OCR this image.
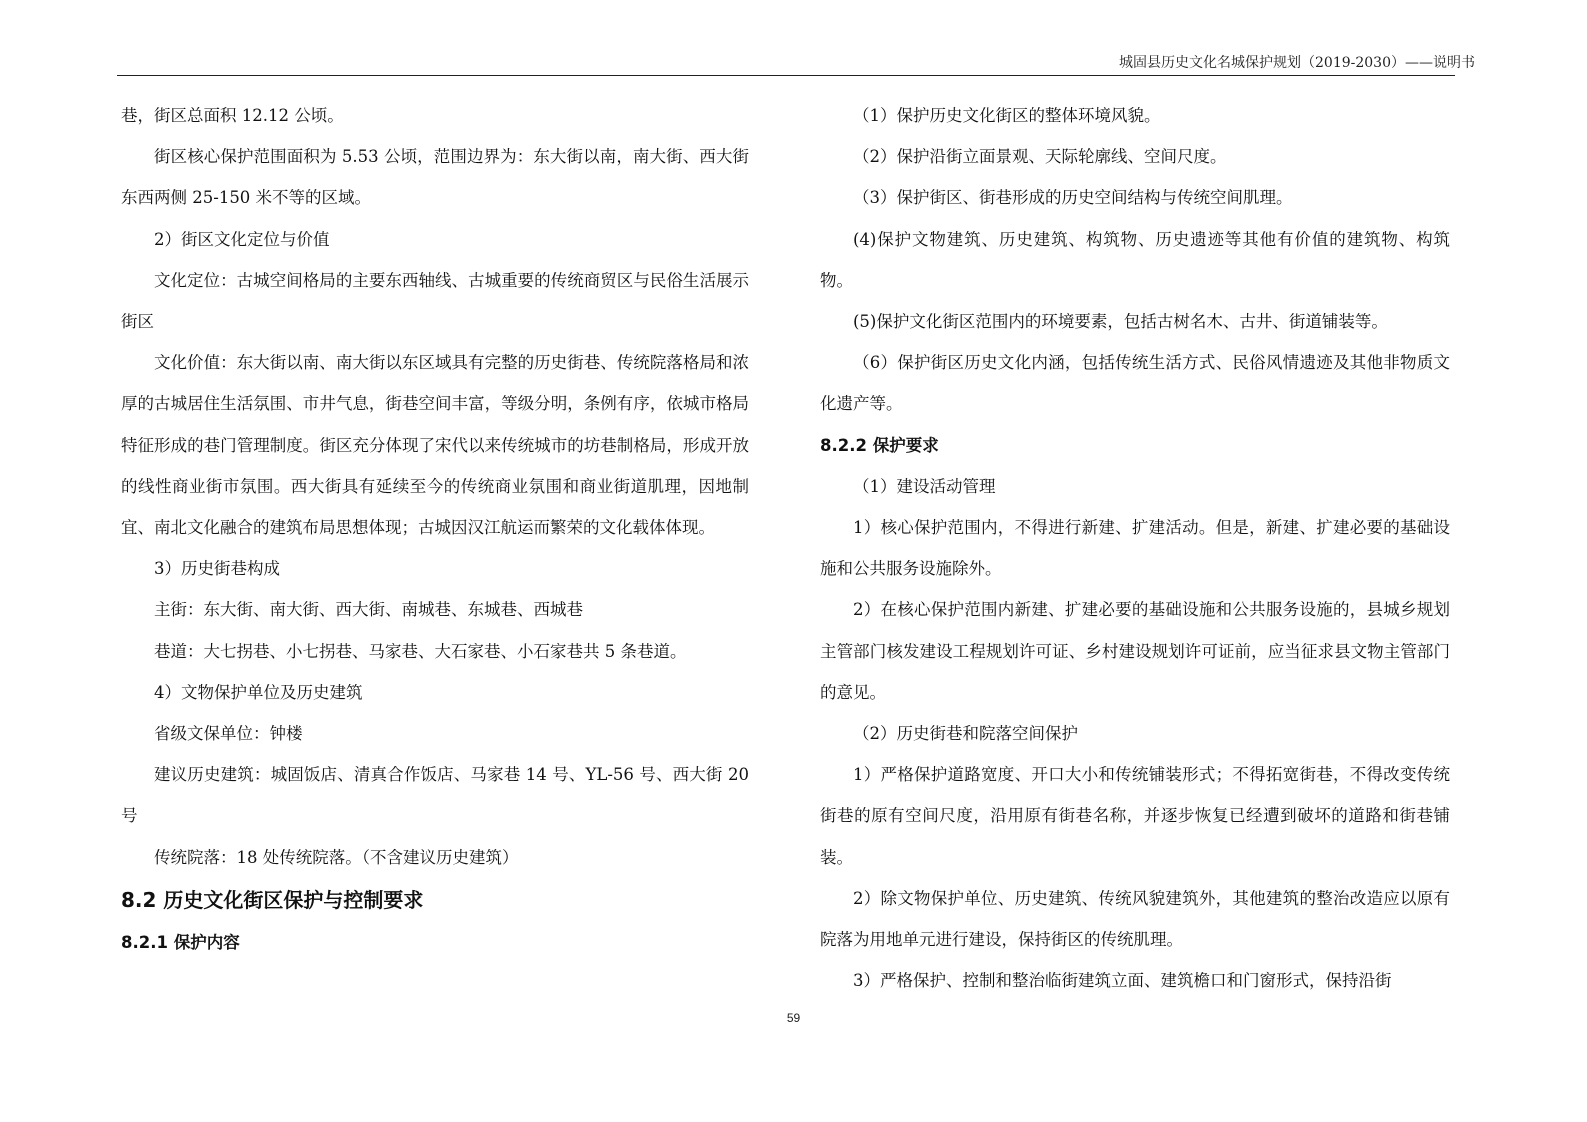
城固县历史文化名城保护规划（2019-2030）——说明书

巷，街区总面积 12.12 公顷。

街区核心保护范围面积为 5.53 公顷，范围边界为：东大街以南，南大街、西大街东西两侧 25-150 米不等的区域。

2）街区文化定位与价值

文化定位：古城空间格局的主要东西轴线、古城重要的传统商贸区与民俗生活展示街区

文化价值：东大街以南、南大街以东区域具有完整的历史街巷、传统院落格局和浓厚的古城居住生活氛围、市井气息，街巷空间丰富，等级分明，条例有序，依城市格局特征形成的巷门管理制度。街区充分体现了宋代以来传统城市的坊巷制格局，形成开放的线性商业街市氛围。西大街具有延续至今的传统商业氛围和商业街道肌理，因地制宜、南北文化融合的建筑布局思想体现；古城因汉江航运而繁荣的文化载体体现。

3）历史街巷构成

主街：东大街、南大街、西大街、南城巷、东城巷、西城巷

巷道：大七拐巷、小七拐巷、马家巷、大石家巷、小石家巷共 5 条巷道。

4）文物保护单位及历史建筑

省级文保单位：钟楼

建议历史建筑：城固饭店、清真合作饭店、马家巷 14 号、YL-56 号、西大街 20 号

传统院落：18 处传统院落。（不含建议历史建筑）

8.2 历史文化街区保护与控制要求

8.2.1 保护内容

（1）保护历史文化街区的整体环境风貌。

（2）保护沿街立面景观、天际轮廓线、空间尺度。

（3）保护街区、街巷形成的历史空间结构与传统空间肌理。

(4)保护文物建筑、历史建筑、构筑物、历史遗迹等其他有价值的建筑物、构筑物。

(5)保护文化街区范围内的环境要素，包括古树名木、古井、街道铺装等。

（6）保护街区历史文化内涵，包括传统生活方式、民俗风情遗迹及其他非物质文化遗产等。

8.2.2 保护要求

（1）建设活动管理

1）核心保护范围内，不得进行新建、扩建活动。但是，新建、扩建必要的基础设施和公共服务设施除外。

2）在核心保护范围内新建、扩建必要的基础设施和公共服务设施的，县城乡规划主管部门核发建设工程规划许可证、乡村建设规划许可证前，应当征求县文物主管部门的意见。

（2）历史街巷和院落空间保护

1）严格保护道路宽度、开口大小和传统铺装形式；不得拓宽街巷，不得改变传统街巷的原有空间尺度，沿用原有街巷名称，并逐步恢复已经遭到破坏的道路和街巷铺装。

2）除文物保护单位、历史建筑、传统风貌建筑外，其他建筑的整治改造应以原有院落为用地单元进行建设，保持街区的传统肌理。

3）严格保护、控制和整治临街建筑立面、建筑檐口和门窗形式，保持沿街

59
